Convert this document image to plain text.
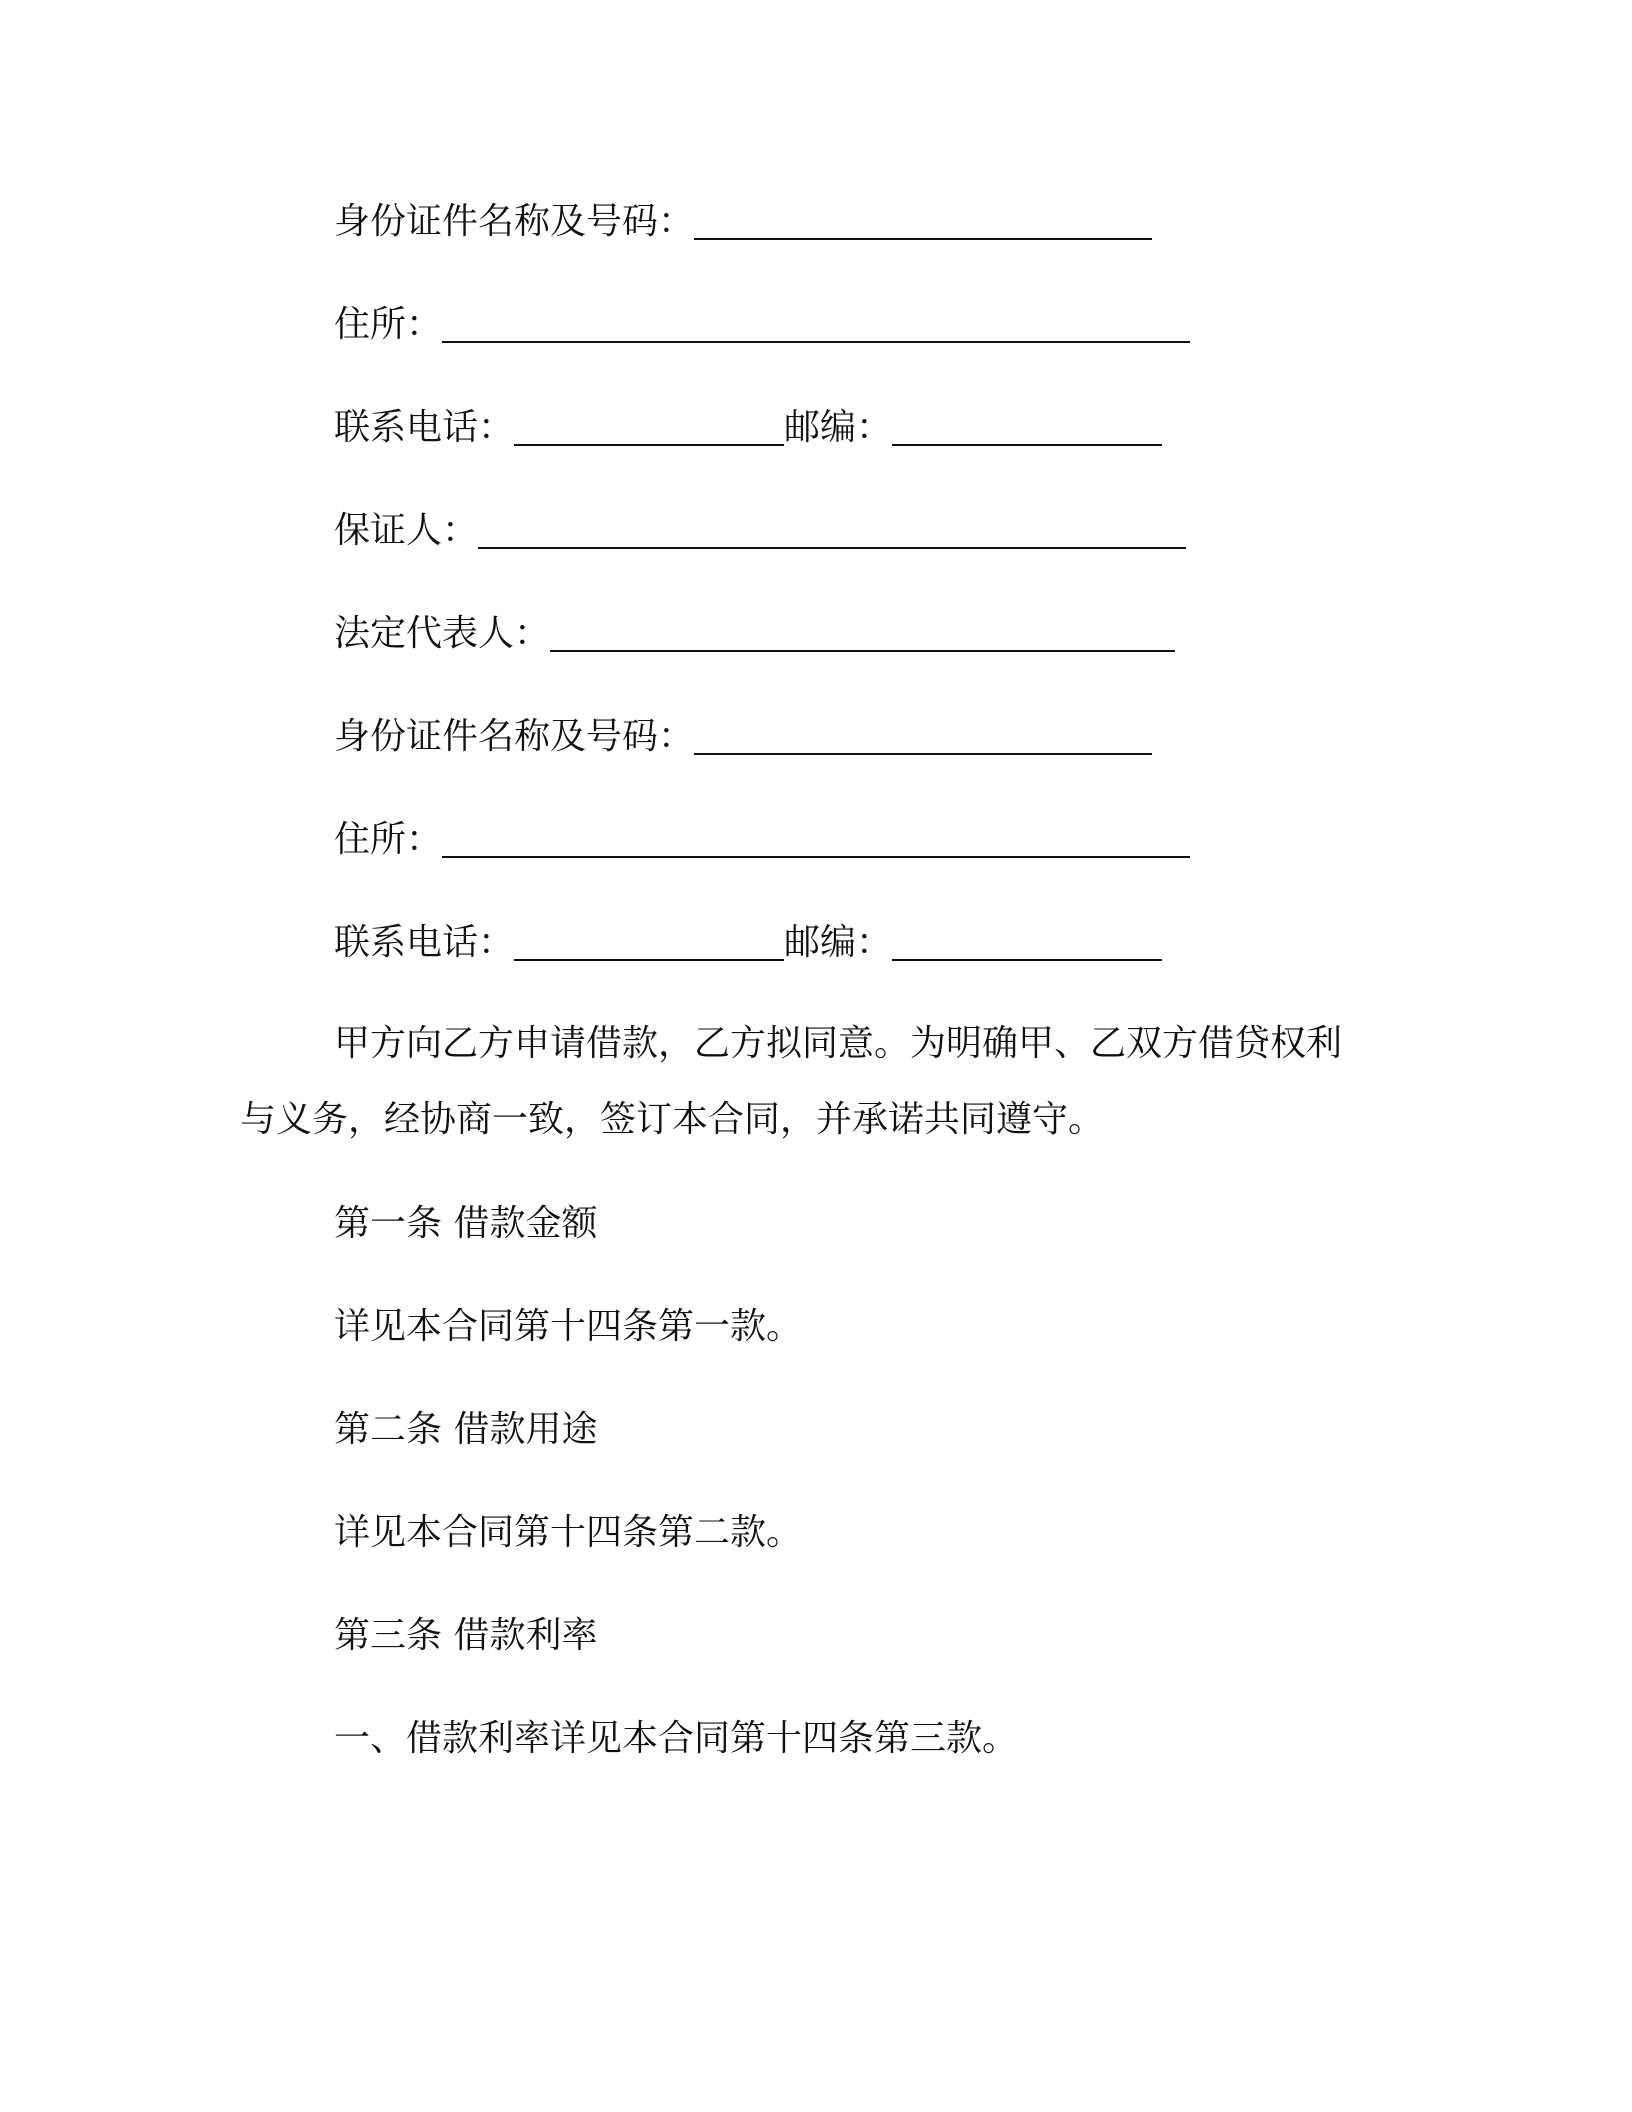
身份证件名称及号码：
住所：
联系电话：	邮编：
保证人：
法定代表人：
身份证件名称及号码：
住所：
联系电话：	邮编：
甲方向乙方申请借款，乙方拟同意。为明确甲、乙双方借贷权利
与义务，经协商一致，签订本合同，并承诺共同遵守。
第一条 借款金额
详见本合同第十四条第一款。
第二条 借款用途
详见本合同第十四条第二款。
第三条 借款利率
一、借款利率详见本合同第十四条第三款。
